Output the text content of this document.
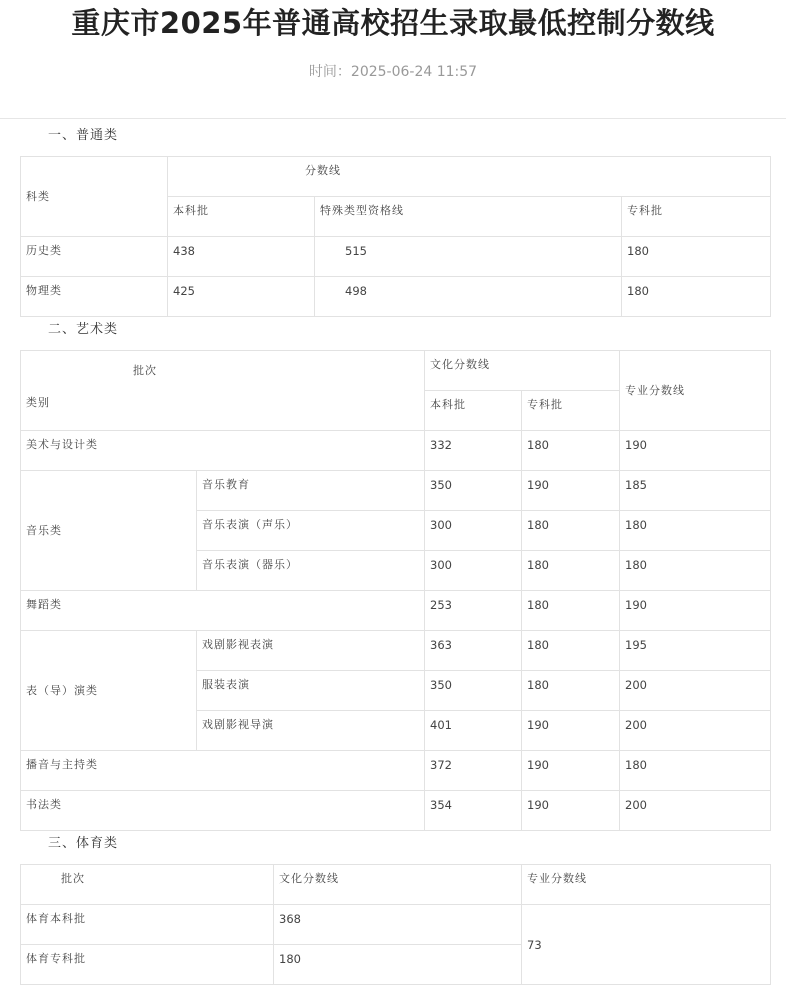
重庆市2025年普通高校招生录取最低控制分数线
时间：2025-06-24 11:57
一、普通类
科类	分数线		

	本科批	特殊类型资格线	专科批

历史类	438	515	180

物理类	425	498	180
二、艺术类
批次
类别		文化分数线		专业分数线

		本科批	专科批	

美术与设计类		332	180	190

音乐类	音乐教育	350	190	185

	音乐表演（声乐）	300	180	180

	音乐表演（器乐）	300	180	180

舞蹈类		253	180	190

表（导）演类	戏剧影视表演	363	180	195

	服装表演	350	180	200

	戏剧影视导演	401	190	200

播音与主持类		372	190	180

书法类		354	190	200
三、体育类
批次	文化分数线	专业分数线

体育本科批	368	73

体育专科批	180	
